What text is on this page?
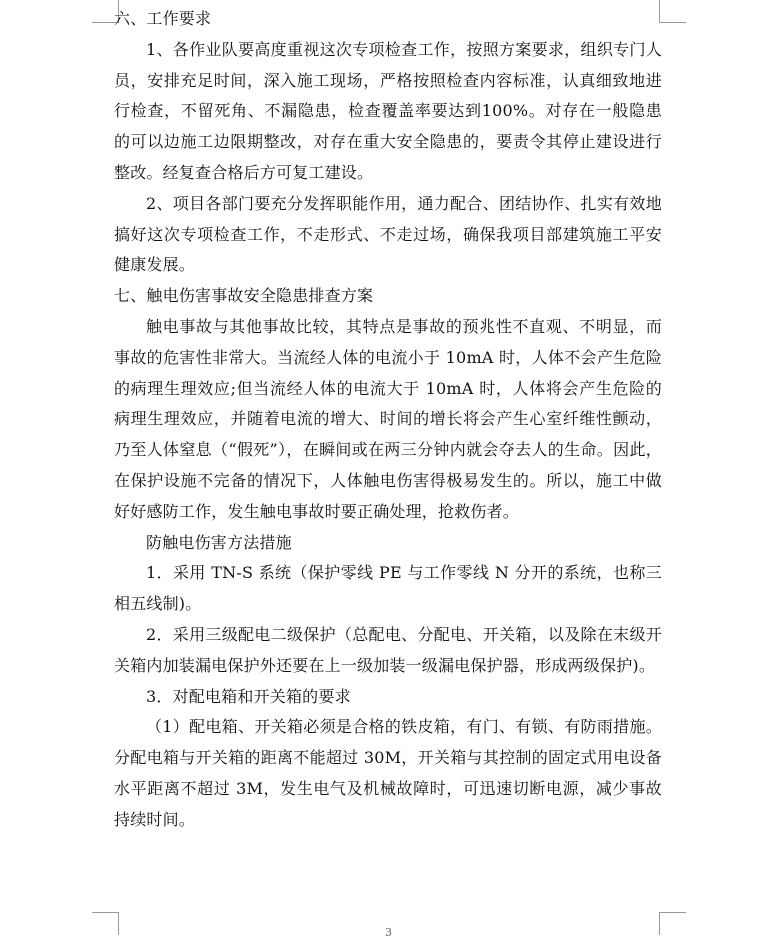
六、工作要求

1、各作业队要高度重视这次专项检查工作，按照方案要求，组织专门人员，安排充足时间，深入施工现场，严格按照检查内容标准，认真细致地进行检查，不留死角、不漏隐患，检查覆盖率要达到100%。对存在一般隐患的可以边施工边限期整改，对存在重大安全隐患的，要责令其停止建设进行整改。经复查合格后方可复工建设。

2、项目各部门要充分发挥职能作用，通力配合、团结协作、扎实有效地搞好这次专项检查工作，不走形式、不走过场，确保我项目部建筑施工平安健康发展。

七、触电伤害事故安全隐患排查方案

触电事故与其他事故比较，其特点是事故的预兆性不直观、不明显，而事故的危害性非常大。当流经人体的电流小于 10mA 时，人体不会产生危险的病理生理效应;但当流经人体的电流大于 10mA 时，人体将会产生危险的病理生理效应，并随着电流的增大、时间的增长将会产生心室纤维性颤动，乃至人体窒息（“假死”），在瞬间或在两三分钟内就会夺去人的生命。因此，在保护设施不完备的情况下，人体触电伤害得极易发生的。所以，施工中做好好感防工作，发生触电事故时要正确处理，抢救伤者。

防触电伤害方法措施

1．采用 TN-S 系统（保护零线 PE 与工作零线 N 分开的系统，也称三相五线制)。

2．采用三级配电二级保护（总配电、分配电、开关箱，以及除在末级开关箱内加装漏电保护外还要在上一级加装一级漏电保护器，形成两级保护)。

3．对配电箱和开关箱的要求

（1）配电箱、开关箱必须是合格的铁皮箱，有门、有锁、有防雨措施。分配电箱与开关箱的距离不能超过 30M，开关箱与其控制的固定式用电设备水平距离不超过 3M，发生电气及机械故障时，可迅速切断电源，减少事故持续时间。

3
